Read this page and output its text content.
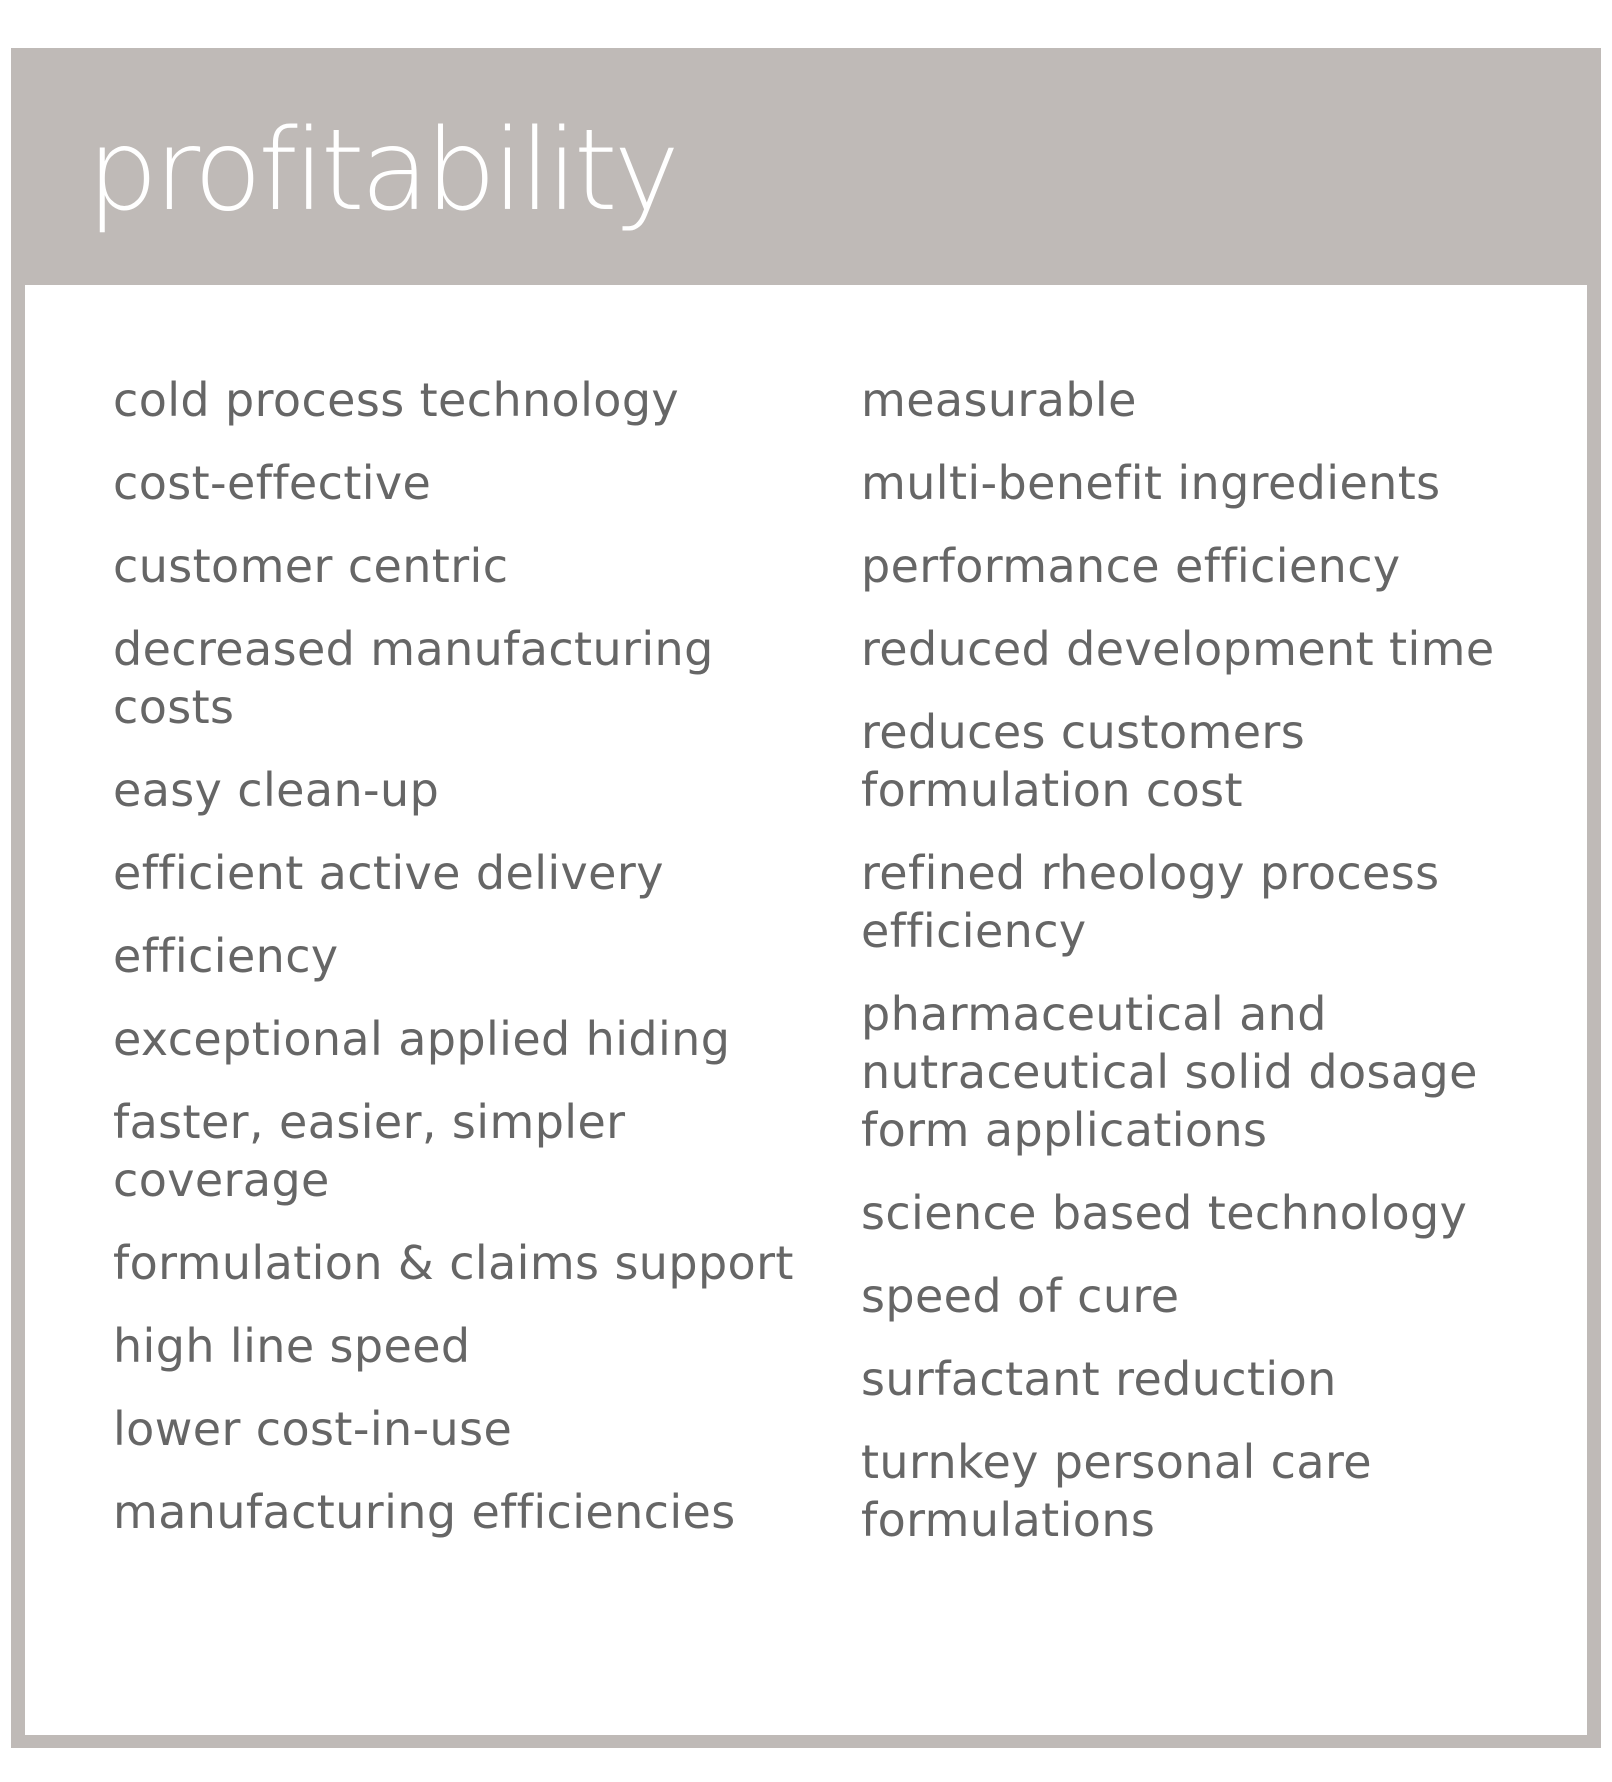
profitability
cold process technology
cost-effective
customer centric
decreased manufacturing costs
easy clean-up
efficient active delivery
efficiency
exceptional applied hiding
faster, easier, simpler coverage
formulation & claims support
high line speed
lower cost-in-use
manufacturing efficiencies
measurable
multi-benefit ingredients
performance efficiency
reduced development time
reduces customers formulation cost
refined rheology process efficiency
pharmaceutical and nutraceutical solid dosage form applications
science based technology
speed of cure
surfactant reduction
turnkey personal care formulations
